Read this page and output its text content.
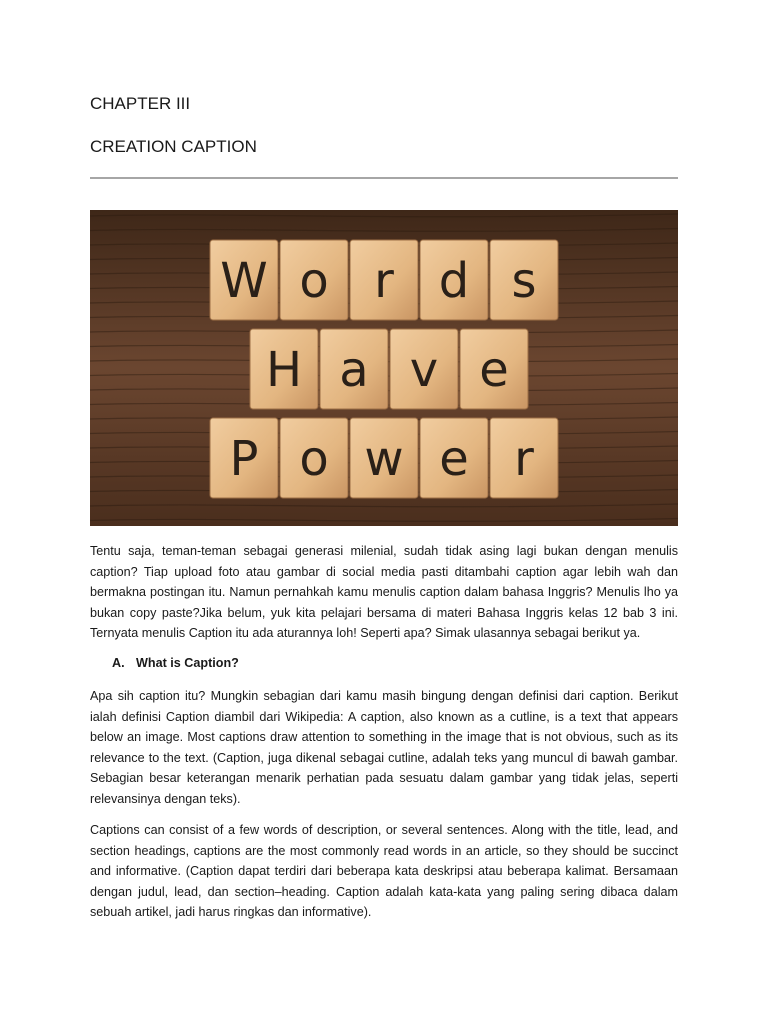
CHAPTER III
CREATION CAPTION
W o r d s
H a v e
P o w e r

Tentu saja, teman-teman sebagai generasi milenial, sudah tidak asing lagi bukan dengan menulis caption? Tiap upload foto atau gambar di social media pasti ditambahi caption agar lebih wah dan bermakna postingan itu. Namun pernahkah kamu menulis caption dalam bahasa Inggris? Menulis lho ya bukan copy paste?Jika belum, yuk kita pelajari bersama di materi Bahasa Inggris kelas 12 bab 3 ini. Ternyata menulis Caption itu ada aturannya loh! Seperti apa? Simak ulasannya sebagai berikut ya.

A. What is Caption?

Apa sih caption itu? Mungkin sebagian dari kamu masih bingung dengan definisi dari caption. Berikut ialah definisi Caption diambil dari Wikipedia: A caption, also known as a cutline, is a text that appears below an image. Most captions draw attention to something in the image that is not obvious, such as its relevance to the text. (Caption, juga dikenal sebagai cutline, adalah teks yang muncul di bawah gambar. Sebagian besar keterangan menarik perhatian pada sesuatu dalam gambar yang tidak jelas, seperti relevansinya dengan teks).

Captions can consist of a few words of description, or several sentences. Along with the title, lead, and section headings, captions are the most commonly read words in an article, so they should be succinct and informative. (Caption dapat terdiri dari beberapa kata deskripsi atau beberapa kalimat. Bersamaan dengan judul, lead, dan section–heading. Caption adalah kata-kata yang paling sering dibaca dalam sebuah artikel, jadi harus ringkas dan informative).
